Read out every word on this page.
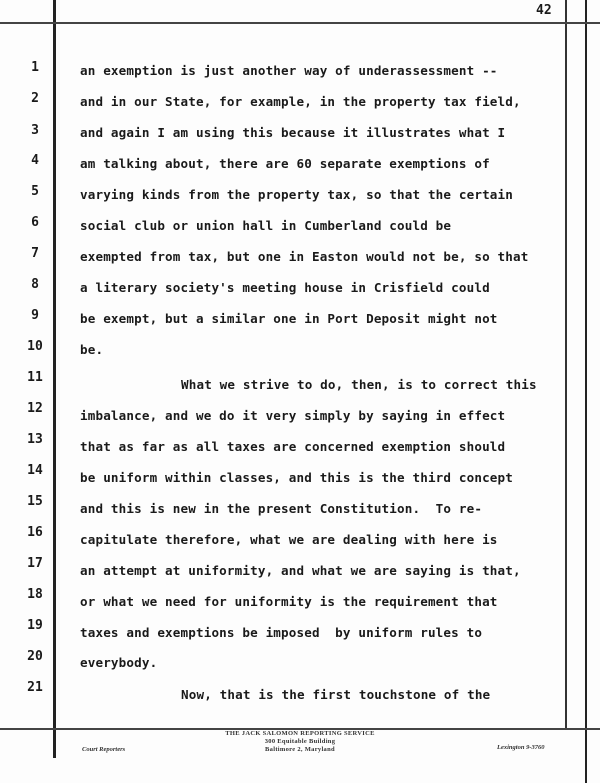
42
1	an exemption is just another way of underassessment --
2	and in our State, for example, in the property tax field,
3	and again I am using this because it illustrates what I
4	am talking about, there are 60 separate exemptions of
5	varying kinds from the property tax, so that the certain
6	social club or union hall in Cumberland could be
7	exempted from tax, but one in Easton would not be, so that
8	a literary society's meeting house in Crisfield could
9	be exempt, but a similar one in Port Deposit might not
10	be.
11	What we strive to do, then, is to correct this
12	imbalance, and we do it very simply by saying in effect
13	that as far as all taxes are concerned exemption should
14	be uniform within classes, and this is the third concept
15	and this is new in the present Constitution.  To re-
16	capitulate therefore, what we are dealing with here is
17	an attempt at uniformity, and what we are saying is that,
18	or what we need for uniformity is the requirement that
19	taxes and exemptions be imposed  by uniform rules to
20	everybody.
21	Now, that is the first touchstone of the
THE JACK SALOMON REPORTING SERVICE
300 Equitable Building
Baltimore 2, Maryland
Court Reporters	Lexington 9-3760
